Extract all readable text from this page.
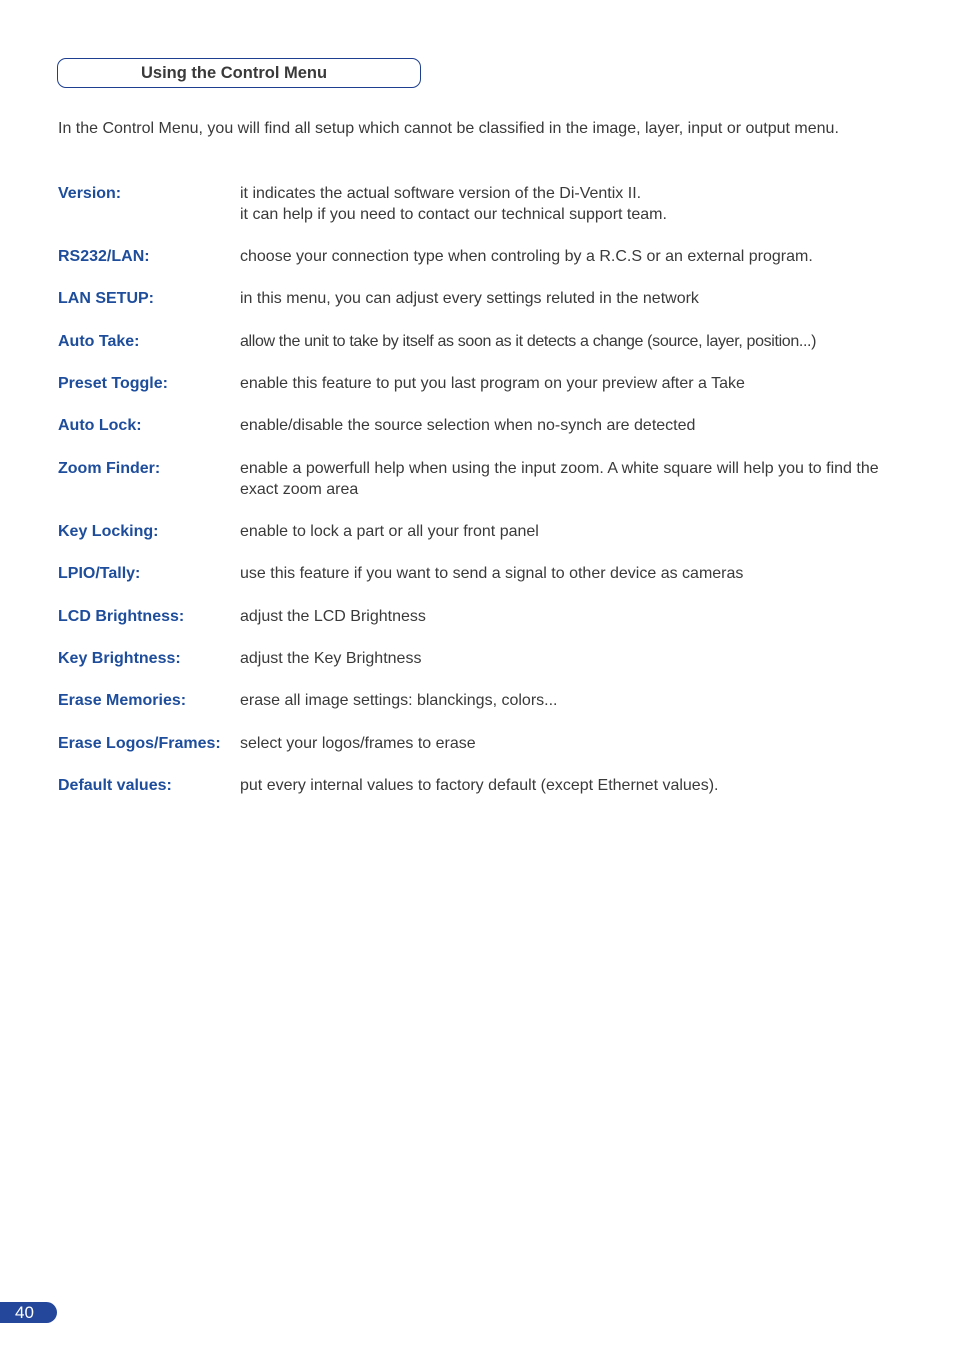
Using the Control Menu
In the Control Menu, you will find all setup which cannot be classified in the image, layer, input or output menu.
Version:	it indicates the actual software version of the Di-Ventix II.
it can help if you need to contact our technical support team.
RS232/LAN:	choose your connection type when controling by a R.C.S or an external program.
LAN SETUP:	in this menu, you can adjust every settings reluted in the network
Auto Take:	allow the unit to take by itself as soon as it detects a change (source, layer, position...)
Preset Toggle:	enable this feature to put you last program on your preview after a Take
Auto Lock:	enable/disable the source selection when no-synch are detected
Zoom Finder:	enable a powerfull help when using the input zoom. A white square will help you to find the exact zoom area
Key Locking:	enable to lock a part or all your front panel
LPIO/Tally:	use this feature if you want to send a signal to other device as cameras
LCD Brightness:	adjust the LCD Brightness
Key Brightness:	adjust the Key Brightness
Erase Memories:	erase all image settings: blanckings, colors...
Erase Logos/Frames: select your logos/frames to erase
Default values:	put every internal values to factory default (except Ethernet values).
40
